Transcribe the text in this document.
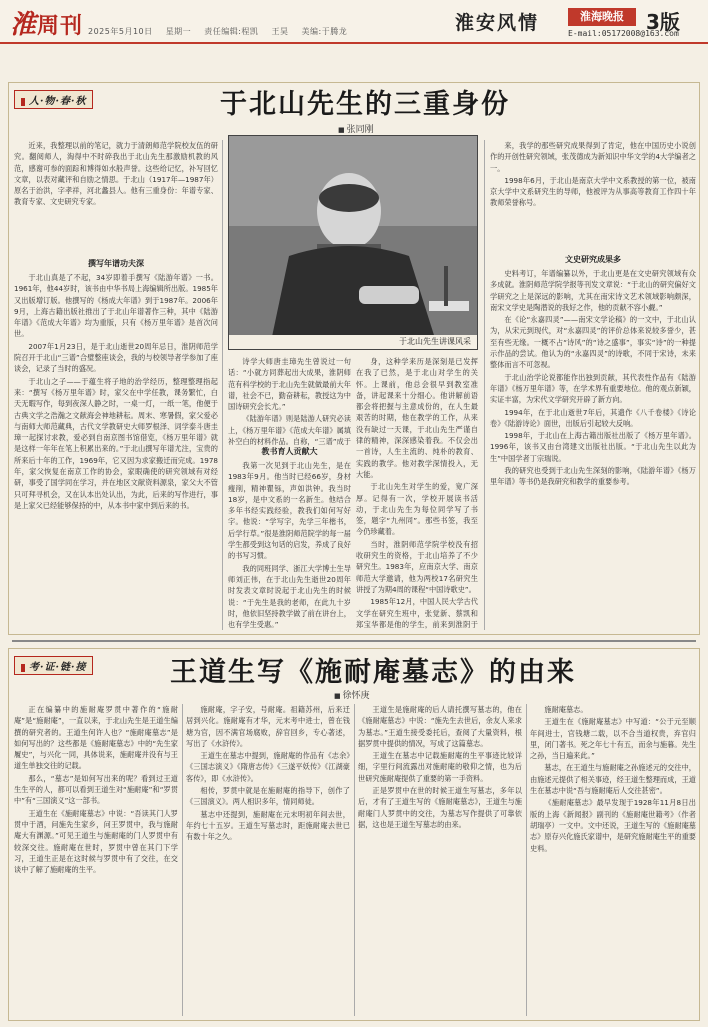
淮周刊 2025年5月10日 星期一 责任编辑:程凯 王昊 美编:于腾龙	淮安风情	淮海晚报
E-mail:05172008@163.com
3版
人·物·春·秋	于北山先生的三重身份
■ 张同刚

近来，我整理以前的笔记，就力于清朗师范学院校友伍的研究。翻阅师人，淘得中不时碎我出于北山先生那激励机教的风范，感谢可参的面踪和博得如水般声誉。这些给记忆，补写回忆文章，以表对藏评和自励之情思。于北山（1917年—1987年）原名于治洪，字孝祥，河北蠡县人。他有三重身份：年谱专家、教育专家、文史研究专家。

撰写年谱功夫深

于北山真是了不起，34岁即着手撰写《陆游年谱》一书。1961年，他44岁时，该书由中华书局上海编辑所出版。1985年又出版增订版。他撰写的《杨成大年谱》到于1987年。2006年9月，上海古籍出版社推出了于北山年谱著作三种，其中《陆游年谱》《范成大年谱》均为重版，只有《杨万里年谱》是首次问世。

2007年1月23日，是于北山逝世20周年忌日，淮阴师范学院召开于北山“三谱”合璧整座谈会，我的与校领导者学参加了座谈会，记录了当时的盛况。

于北山之子——于蕴生将子地的治学经历，整理整理指起来：“撰写《杨万里年谱》时，家父在中学任教，课务繁忙，白天无暇写作，每到夜深人静之时，一桌一灯，一纸一笔，他便于古典文学之浩瀚之文献海会神地耕耘。周末、寒暑假，家父爱必与南师大师范藏典，古代文学教研史大师罗根泽、词学泰斗唐圭璋一起探讨求教，爱必到自南京图书馆借览，《杨万里年谱》就是这样一年年在笔上积累出来的。”于北山撰写年谱尤注，宝贵的所来后十年的工作，1969年，它又因为求家搬迁而完成。1978年，家父恢复在南京工作的协会，家眼确使的研究领域有对经研，事受了国学同在学习，并在地区文献资料源泉，家父大不管只可拜寻机会，又在认本出处认出，为此，后来的写作进行，事是上家父已经能够保持的中，从本书中家中到后来的书。

于北山先生讲课风采

诗学大师唐圭璋先生曾说过一句话：“小就方同葬起出大成果，淮阴师范有科学校的于北山先生就做最前大年谱，社会不已，勤奋耕耘，教授这为中国诗研究会长尤。”

《陆游年谱》则是陆游人研究必读上，《杨万里年谱》《范成大年谱》属填补空白的材料作品。自称，“三谱”成于

教书育人贡献大

我第一次见到于北山先生，是在1983年9月。他当时已经66岁，身材瘦削，精神瞿铄，声如洪钟。我当时18岁，是中文系的一名新生。他结合多年书经实践经验，教我们如何写好字。他说：“学写字，先学三年楷书，后学行草。”很是淮阴师范院学的每一届学生都受到这句话的启发，养成了良好的书写习惯。

我的同班同学、浙江大学博士生导师刘正伟，在于北山先生逝世20周年时发表文章时说起于北山先生的时候说：“于先生是我的老师，在此九十岁时，他依旧坚持教学做了前在讲台上，也有学生受惠。”

身，这种学来历是深刻是已发挥在我了已然，是于北山对学生的关怀。上课前，他总会很早到教室准备，讲起课来十分细心。他讲解前语都会将把握与主意成份的，在人生最艰苦的时期，他在教学的工作，从来没有缺过一天课，于北山先生严谨自律的精神，深深感染着我。不仅会出一首诗，人生主流的、纯朴的教育、实践的教学。他对教学深情投入，无大能。

于北山先生对学生的爱，宽广深厚。记得有一次，学校开展读书活动，于北山先生为每位同学写了书签，题字“九州同”。那些书签，我至今仍珍藏着。

当时，淮阴师范学院学校没有招收研究生的资格，于北山培养了不少研究生。1983年，应南京大学、南京师范大学邀请，他为两校17名研究生讲授了为期4周的课程“中国诗歌史”。

1985年12月，中国人民大学古代文学在研究生班中，张觉新、蔡凯和郑宝华都是他的学生，前来到淮阴于

来，我学的那些研究成果得到了肯定，他在中国历史小说创作的开创性研究领域，张茂德成为新知识中华文学的4大学编者之一。

1998年6月，于北山是南京大学中文系教授的第一位，被南京大学中文系研究生的导师，他被评为从事高等教育工作四十年教师荣誉称号。

文史研究成果多

史料考订，年谱编纂以外，于北山更是在文史研究领域有众多成就。淮阴师范学院学报等刊发文章说：“于北山的研究偏好文学研究之上是深远的影响，尤其在南宋诗文艺术领域影响颇深，南宋文学史是陶潜说的我好之作，他的贡献不容小觑。”

在《论“永嘉四灵”——南宋文学论稿》的一文中，于北山认为，从宋元到现代，对“永嘉四灵”的评价总体来说较多誉少，甚至有些无缘。一概不占“诗风”的“诗之盛事”，事实“诗”的一种提示作品的尝试。他认为的“永嘉四灵”的诗歌，不同于宋诗，未来整体而言不可忽视。

于北山治学论说都能作出独到贡献，其代表性作品有《陆游年谱》《杨万里年谱》等，在学术界有重要地位。他的观点新颖，实证丰富，为宋代文学研究开辟了新方向。

1994年，在于北山逝世7年后，其遗作《八千卷楼》《诗论卷》《陆游诗论》面世，出版后引起较大反响。

1998年，于北山在上海古籍出版社出版了《杨万里年谱》。1996年，该书又由台湾建文出版社出版。“于北山先生以此为生”中国学者丁宗瑞说。

我的研究也受到于北山先生深刻的影响，《陆游年谱》《杨万里年谱》等书仍是我研究和教学的重要参考。

考·证·链·接	王道生写《施耐庵墓志》的由来
■ 徐怀庚

正在编纂中的施耐庵罗贯中著作的“施耐庵”是“施耐庵”，一直以来，于北山先生是王道生编撰的研究者的。王道生何许人也？“施耐庵墓志”是如何写出的？这些都是《施耐庵墓志》中的“先生家履史”，与兴化一同，具体说来，施耐庵并没有与王道生单独交往的记载。

那么，“墓志”是如何写出来的呢？看到过王道生生平的人，都可以看到王道生对“施耐庵”和“罗贯中”有“三国演义”这一部书。

王道生在《施耐庵墓志》中说：“吾读其门人罗贯中于酒，问施先生家乡，问王罗贯中，我与施耐庵大有渊源。”可见王道生与施耐庵的门人罗贯中有较深交往。施耐庵在世时，罗贯中曾在其门下学习，王道生正是在这时候与罗贯中有了交往，在交谈中了解了施耐庵的生平。

施耐庵，字子安，号耐庵。祖籍苏州，后来迁居到兴化。施耐庵有才华，元末考中进士，曾在钱塘为官，因不满官场腐败，辞官回乡，专心著述，写出了《水浒传》。

王道生在墓志中提到，施耐庵的作品有《志余》《三国志演义》《隋唐志传》《三遂平妖传》《江湖豪客传》，即《水浒传》。

相传，罗贯中就是在施耐庵的指导下，创作了《三国演义》。两人相识多年，情同师徒。

墓志中还提到，施耐庵在元末明初年间去世，年约七十五岁。王道生写墓志时，距施耐庵去世已有数十年之久。

王道生是施耐庵的后人请托撰写墓志的，他在《施耐庵墓志》中说：“施先生去世后，余友人来求为墓志。”王道生接受委托后，查阅了大量资料，根据罗贯中提供的情况，写成了这篇墓志。

王道生在墓志中记载施耐庵的生平事迹比较详细，字里行间流露出对施耐庵的敬仰之情，也为后世研究施耐庵提供了重要的第一手资料。

正是罗贯中在世的时候王道生写墓志，多年以后，才有了王道生写的《施耐庵墓志》，王道生与施耐庵门人罗贯中的交往，为墓志写作提供了可靠依据，这也是王道生写墓志的由来。

施耐庵墓志。

王道生在《施耐庵墓志》中写道：“公于元至顺年间进士，官钱塘二载，以不合当道权贵，弃官归里，闭门著书。死之年七十有五，而余与施暮。先生之孙，当日遍来此。”

墓志，在王道生与施耐庵之孙施述元的交往中，由施述元提供了相关事迹，经王道生整理而成，王道生在墓志中说“吾与施耐庵后人交往甚密”。

《施耐庵墓志》最早发现于1928年11月8日出版的上海《新闻报》副刊的《施耐庵世籍考》（作者胡瑞亭）一文中。文中还说，王道生写的《施耐庵墓志》原存兴化施氏家谱中，是研究施耐庵生平的重要史料。
